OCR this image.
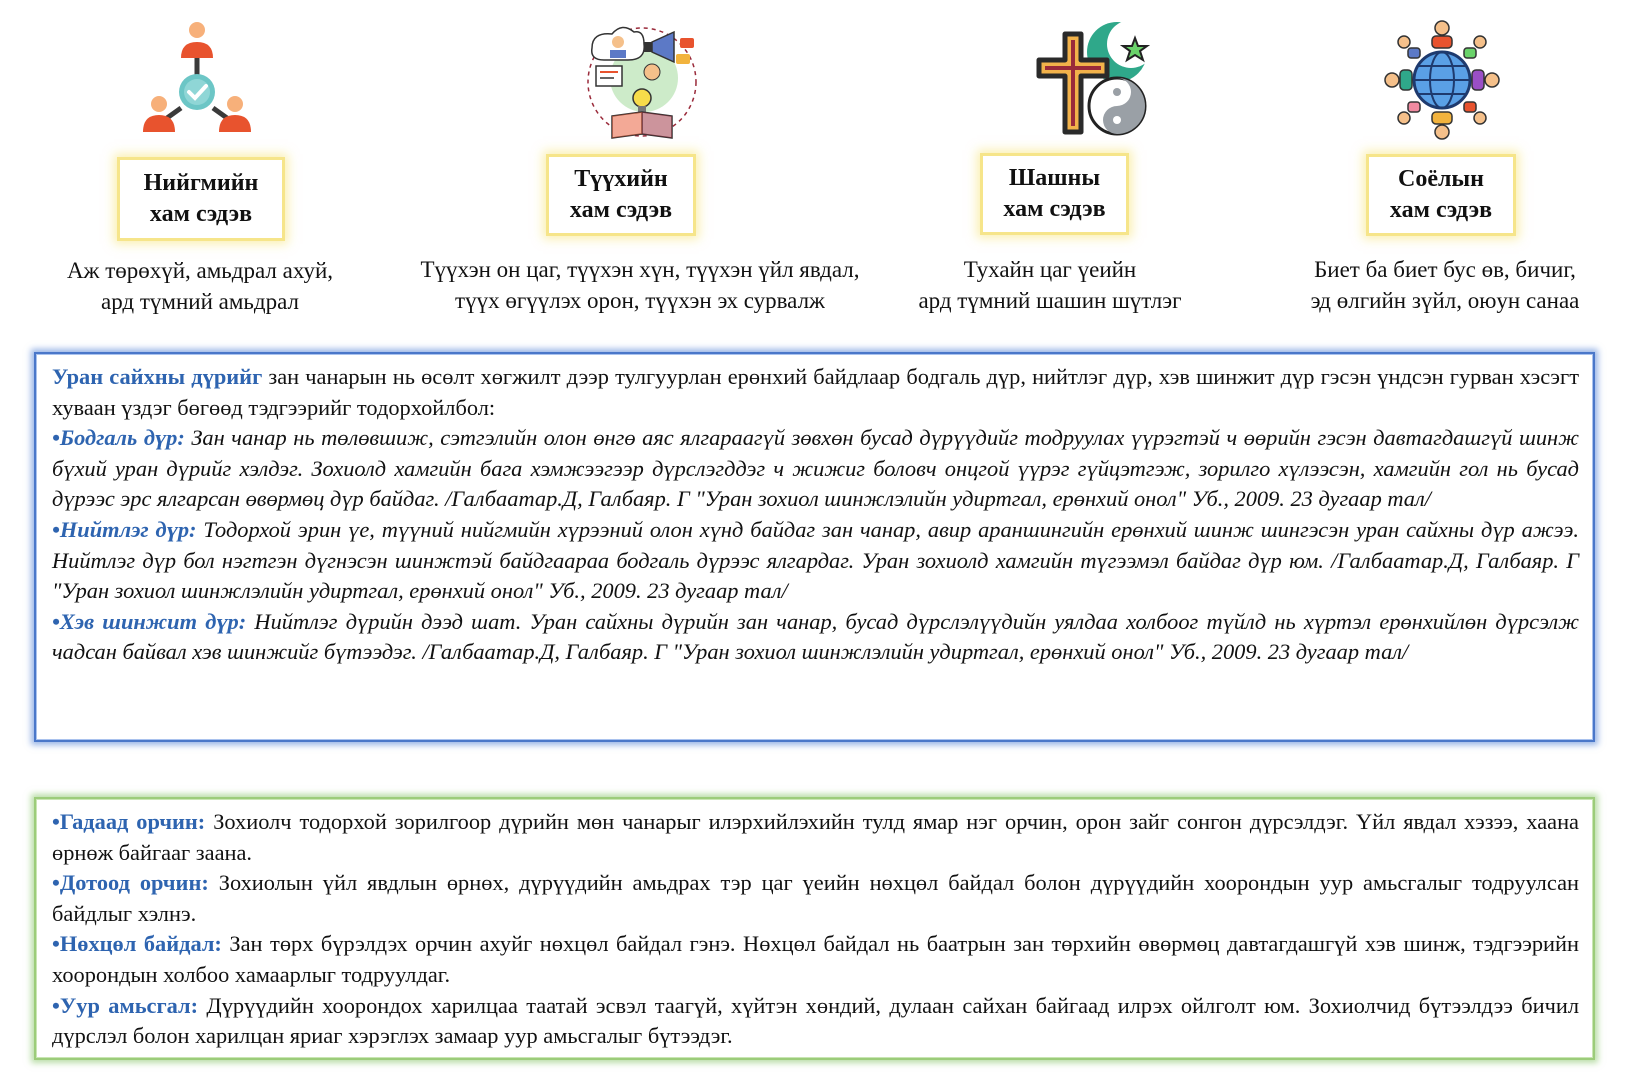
Нийгмийн
хам сэдэв
Аж төрөхүй, амьдрал ахуй,
ард түмний амьдрал
Түүхийн
хам сэдэв
Түүхэн он цаг, түүхэн хүн, түүхэн үйл явдал,
түүх өгүүлэх орон, түүхэн эх сурвалж
Шашны
хам сэдэв
Тухайн цаг үеийн
ард түмний шашин шүтлэг
Соёлын
хам сэдэв
Биет ба биет бус өв, бичиг,
эд өлгийн зүйл, оюун санаа

Уран сайхны дүрийг зан чанарын нь өсөлт хөгжилт дээр тулгуурлан ерөнхий байдлаар бодгаль дүр, нийтлэг дүр, хэв шинжит дүр гэсэн үндсэн гурван хэсэгт хуваан үздэг бөгөөд тэдгээрийг тодорхойлбол:

•Бодгаль дүр: Зан чанар нь төлөвшиж, сэтгэлийн олон өнгө аяс ялгараагүй зөвхөн бусад дүрүүдийг тодруулах үүрэгтэй ч өөрийн гэсэн давтагдашгүй шинж бүхий уран дүрийг хэлдэг. Зохиолд хамгийн бага хэмжээгээр дүрслэгддэг ч жижиг боловч онцгой үүрэг гүйцэтгэж, зорилго хүлээсэн, хамгийн гол нь бусад дүрээс эрс ялгарсан өвөрмөц дүр байдаг. /Галбаатар.Д, Галбаяр. Г "Уран зохиол шинжлэлийн удиртгал, ерөнхий онол" Уб., 2009. 23 дугаар тал/

•Нийтлэг дүр: Тодорхой эрин үе, түүний нийгмийн хүрээний олон хүнд байдаг зан чанар, авир араншингийн ерөнхий шинж шингэсэн уран сайхны дүр ажээ. Нийтлэг дүр бол нэгтгэн дүгнэсэн шинжтэй байдгаараа бодгаль дүрээс ялгардаг. Уран зохиолд хамгийн түгээмэл байдаг дүр юм. /Галбаатар.Д, Галбаяр. Г "Уран зохиол шинжлэлийн удиртгал, ерөнхий онол" Уб., 2009. 23 дугаар тал/

•Хэв шинжит дүр: Нийтлэг дүрийн дээд шат. Уран сайхны дүрийн зан чанар, бусад дүрслэлүүдийн уялдаа холбоог түйлд нь хүртэл ерөнхийлөн дүрсэлж чадсан байвал хэв шинжийг бүтээдэг. /Галбаатар.Д, Галбаяр. Г "Уран зохиол шинжлэлийн удиртгал, ерөнхий онол" Уб., 2009. 23 дугаар тал/

•Гадаад орчин: Зохиолч тодорхой зорилгоор дүрийн мөн чанарыг илэрхийлэхийн тулд ямар нэг орчин, орон зайг сонгон дүрсэлдэг. Үйл явдал хэзээ, хаана өрнөж байгааг заана.

•Дотоод орчин: Зохиолын үйл явдлын өрнөх, дүрүүдийн амьдрах тэр цаг үеийн нөхцөл байдал болон дүрүүдийн хоорондын уур амьсгалыг тодруулсан байдлыг хэлнэ.

•Нөхцөл байдал: Зан төрх бүрэлдэх орчин ахуйг нөхцөл байдал гэнэ. Нөхцөл байдал нь баатрын зан төрхийн өвөрмөц давтагдашгүй хэв шинж, тэдгээрийн хоорондын холбоо хамаарлыг тодруулдаг.

•Уур амьсгал: Дүрүүдийн хоорондох харилцаа таатай эсвэл таагүй, хүйтэн хөндий, дулаан сайхан байгаад илрэх ойлголт юм. Зохиолчид бүтээлдээ бичил дүрслэл болон харилцан яриаг хэрэглэх замаар уур амьсгалыг бүтээдэг.
